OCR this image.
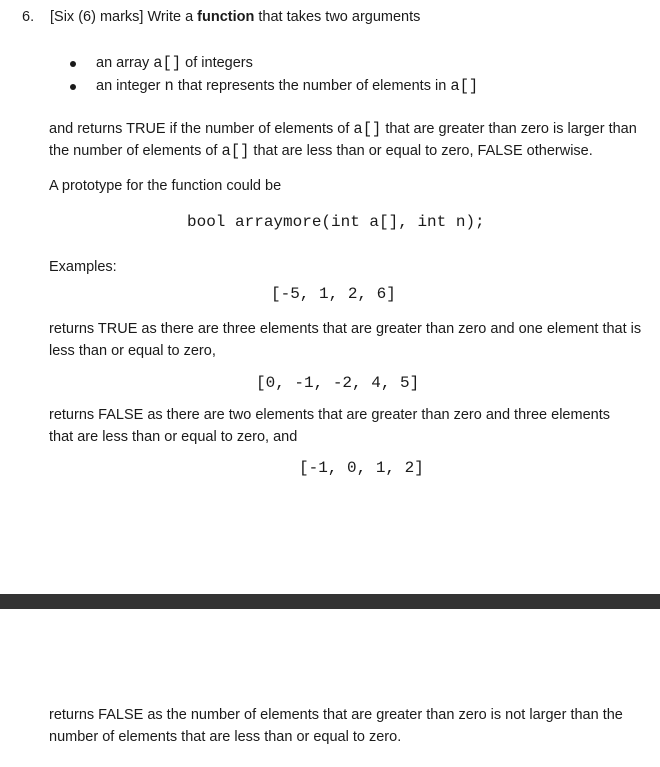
6. [Six (6) marks] Write a function that takes two arguments
an array a[] of integers
an integer n that represents the number of elements in a[]
and returns TRUE if the number of elements of a[] that are greater than zero is larger than
the number of elements of a[] that are less than or equal to zero, FALSE otherwise.
A prototype for the function could be
bool arraymore(int a[], int n);
Examples:
[-5, 1, 2, 6]
returns TRUE as there are three elements that are greater than zero and one element that is
less than or equal to zero,
[0, -1, -2, 4, 5]
returns FALSE as there are two elements that are greater than zero and three elements
that are less than or equal to zero, and
[-1, 0, 1, 2]
returns FALSE as the number of elements that are greater than zero is not larger than the
number of elements that are less than or equal to zero.
